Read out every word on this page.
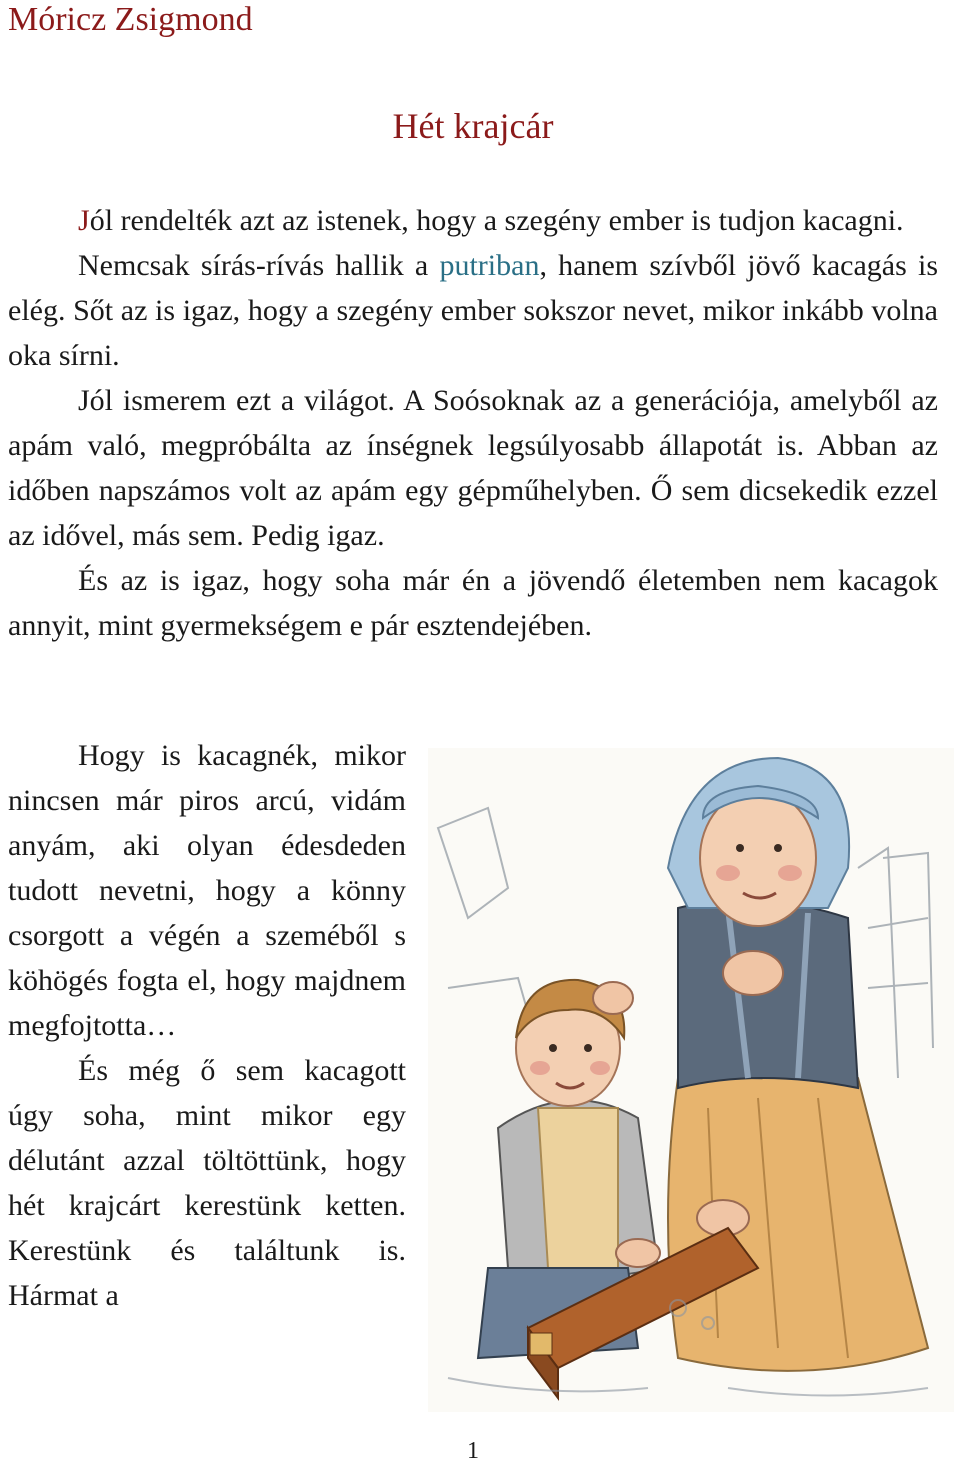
Móricz Zsigmond
Hét krajcár

Jól rendelték azt az istenek, hogy a szegény ember is tudjon kacagni.

Nemcsak sírás-rívás hallik a putriban, hanem szívből jövő kacagás is elég. Sőt az is igaz, hogy a szegény ember sokszor nevet, mikor inkább volna oka sírni.

Jól ismerem ezt a világot. A Soósoknak az a generációja, amelyből az apám való, megpróbálta az ínségnek legsúlyosabb állapotát is. Abban az időben napszámos volt az apám egy gépműhelyben. Ő sem dicsekedik ezzel az idővel, más sem. Pedig igaz.

És az is igaz, hogy soha már én a jövendő életemben nem kacagok annyit, mint gyermekségem e pár esztendejében.

Hogy is kacagnék, mikor nincsen már piros arcú, vidám anyám, aki olyan édesdeden tudott nevetni, hogy a könny csorgott a végén a szeméből s köhögés fogta el, hogy majdnem megfojtotta…

És még ő sem kacagott úgy soha, mint mikor egy délutánt azzal töltöttünk, hogy hét krajcárt kerestünk ketten. Kerestünk és találtunk is. Hármat a

1
